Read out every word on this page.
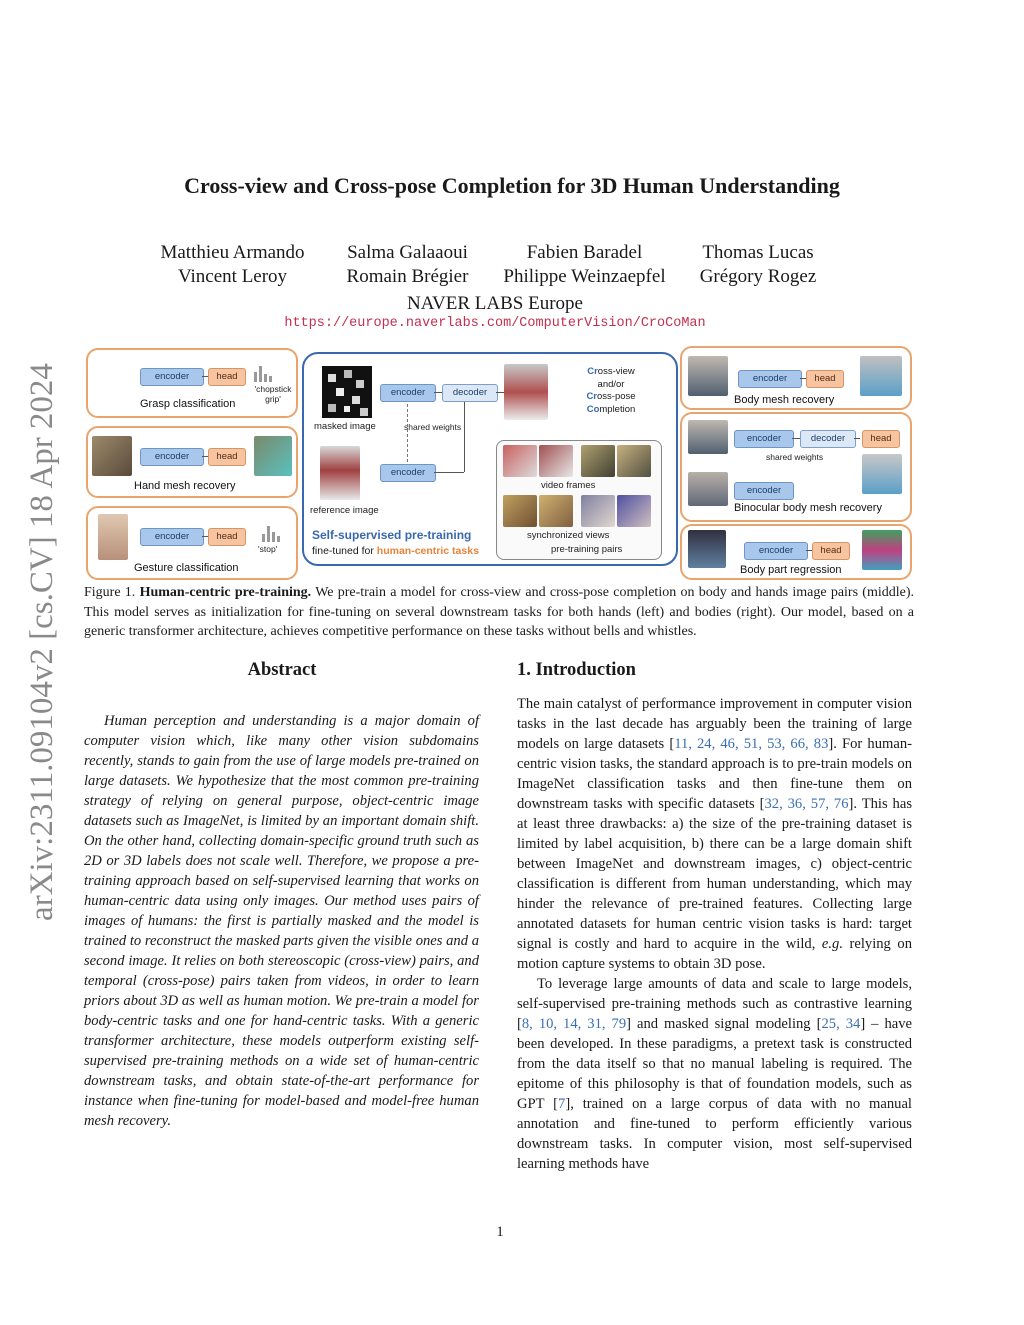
Cross-view and Cross-pose Completion for 3D Human Understanding
Matthieu Armando	Salma Galaaoui	Fabien Baradel	Thomas Lucas
Vincent Leroy	Romain Brégier	Philippe Weinzaepfel	Grégory Rogez
NAVER LABS Europe
https://europe.naverlabs.com/ComputerVision/CroCoMan
arXiv:2311.09104v2 [cs.CV] 18 Apr 2024	encoder	head
'chopstick grip'
Grasp classification
encoder	head
Hand mesh recovery
encoder	head
'stop'
Gesture classification
masked image
encoder	decoder
shared weights
reference image
encoder
Cross-view
and/or
Cross-pose
Completion
video frames
synchronized views
pre-training pairs
Self-supervised pre-training
fine-tuned for human-centric tasks
encoder	head
Body mesh recovery
encoder	decoder	head
shared weights
encoder
Binocular body mesh recovery
encoder	head
Body part regression
Figure 1. Human-centric pre-training. We pre-train a model for cross-view and cross-pose completion on body and hands image pairs (middle). This model serves as initialization for fine-tuning on several downstream tasks for both hands (left) and bodies (right). Our model, based on a generic transformer architecture, achieves competitive performance on these tasks without bells and whistles.
Abstract
Human perception and understanding is a major domain of computer vision which, like many other vision subdomains recently, stands to gain from the use of large models pre-trained on large datasets. We hypothesize that the most common pre-training strategy of relying on general purpose, object-centric image datasets such as ImageNet, is limited by an important domain shift. On the other hand, collecting domain-specific ground truth such as 2D or 3D labels does not scale well. Therefore, we propose a pre-training approach based on self-supervised learning that works on human-centric data using only images. Our method uses pairs of images of humans: the first is partially masked and the model is trained to reconstruct the masked parts given the visible ones and a second image. It relies on both stereoscopic (cross-view) pairs, and temporal (cross-pose) pairs taken from videos, in order to learn priors about 3D as well as human motion. We pre-train a model for body-centric tasks and one for hand-centric tasks. With a generic transformer architecture, these models outperform existing self-supervised pre-training methods on a wide set of human-centric downstream tasks, and obtain state-of-the-art performance for instance when fine-tuning for model-based and model-free human mesh recovery.
1. Introduction
The main catalyst of performance improvement in computer vision tasks in the last decade has arguably been the training of large models on large datasets [11, 24, 46, 51, 53, 66, 83]. For human-centric vision tasks, the standard approach is to pre-train models on ImageNet classification tasks and then fine-tune them on downstream tasks with specific datasets [32, 36, 57, 76]. This has at least three drawbacks: a) the size of the pre-training dataset is limited by label acquisition, b) there can be a large domain shift between ImageNet and downstream images, c) object-centric classification is different from human understanding, which may hinder the relevance of pre-trained features. Collecting large annotated datasets for human centric vision tasks is hard: target signal is costly and hard to acquire in the wild, e.g. relying on motion capture systems to obtain 3D pose.
To leverage large amounts of data and scale to large models, self-supervised pre-training methods such as contrastive learning [8, 10, 14, 31, 79] and masked signal modeling [25, 34] – have been developed. In these paradigms, a pretext task is constructed from the data itself so that no manual labeling is required. The epitome of this philosophy is that of foundation models, such as GPT [7], trained on a large corpus of data with no manual annotation and fine-tuned to perform efficiently various downstream tasks. In computer vision, most self-supervised learning methods have
1
